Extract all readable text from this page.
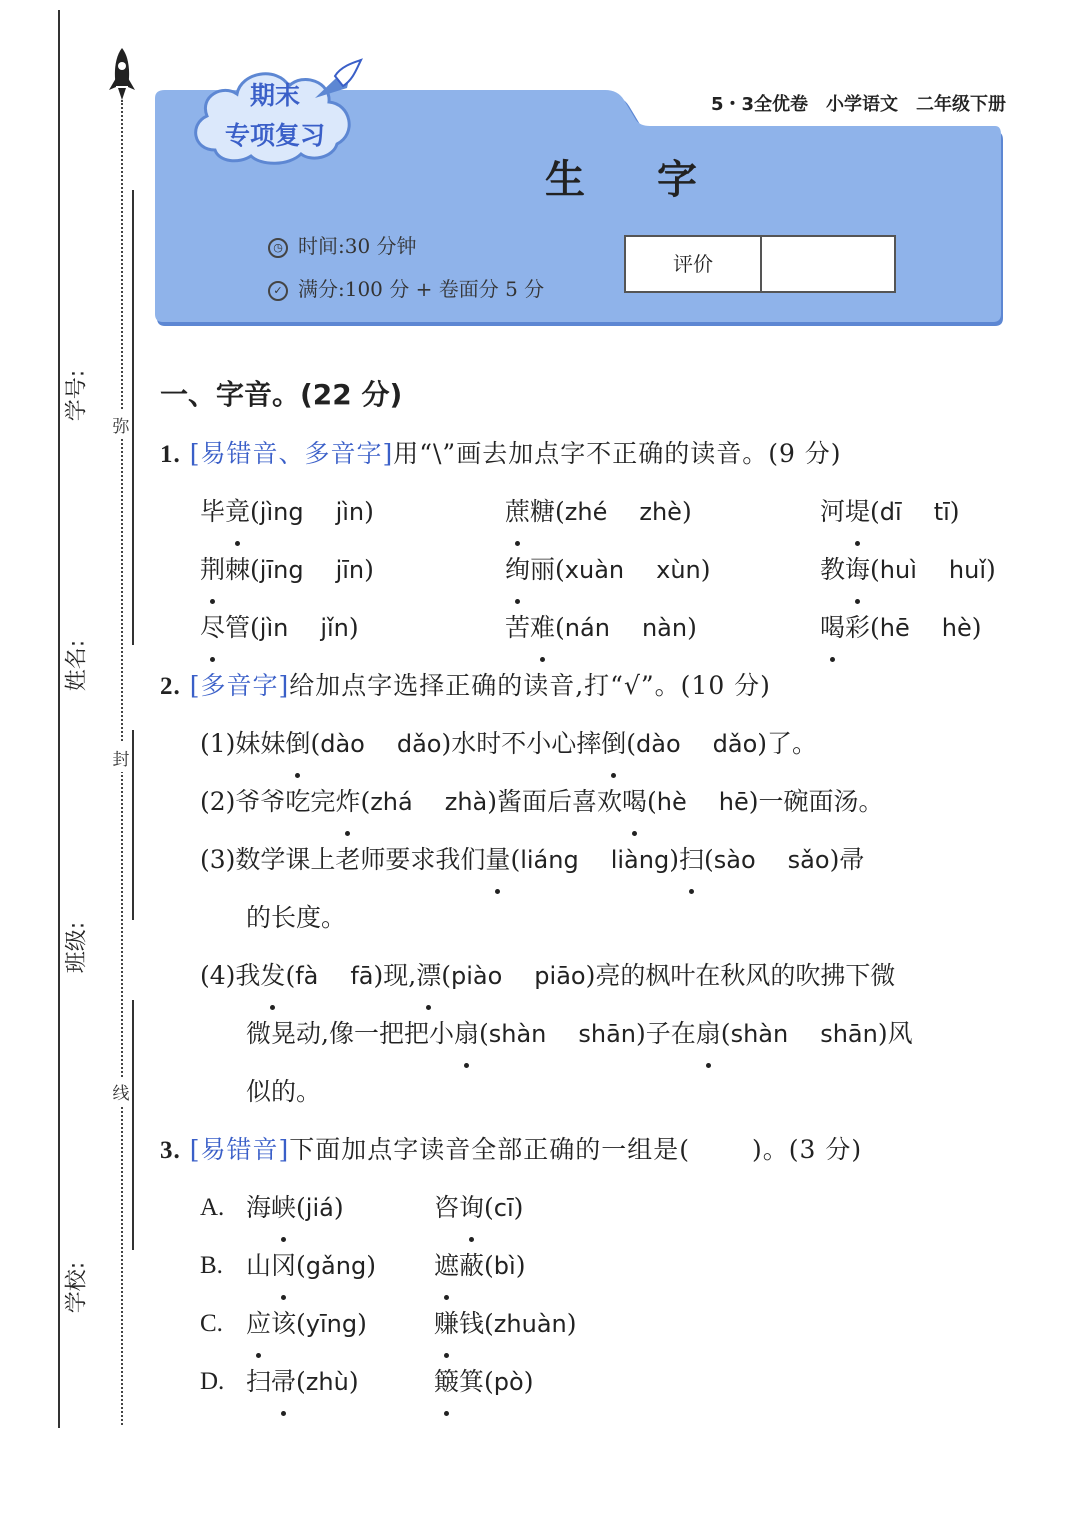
弥
封
线
学号:
姓名:
班级:
学校:
期末
专项复习
5・3全优卷 小学语文 二年级下册
生字
◷ 时间:30 分钟
✓ 满分:100 分 + 卷面分 5 分
评价
一、字音。(22 分)
1. [易错音、多音字]用“\”画去加点字不正确的读音。(9 分)
毕竟(jìng jìn)	蔗糖(zhé zhè)	河堤(dī tī)
荆棘(jīng jīn)	绚丽(xuàn xùn)	教诲(huì huǐ)
尽管(jìn jǐn)	苦难(nán nàn)	喝彩(hē hè)
2. [多音字]给加点字选择正确的读音,打“√”。(10 分)
(1)妹妹倒(dào dǎo)水时不小心摔倒(dào dǎo)了。
(2)爷爷吃完炸(zhá zhà)酱面后喜欢喝(hè hē)一碗面汤。
(3)数学课上老师要求我们量(liáng liàng)扫(sào sǎo)帚
的长度。
(4)我发(fà fā)现,漂(piào piāo)亮的枫叶在秋风的吹拂下微
微晃动,像一把把小扇(shàn shān)子在扇(shàn shān)风
似的。
3. [易错音]下面加点字读音全部正确的一组是( )。(3 分)
A. 海峡(jiá)	咨询(cī)
B. 山冈(gǎng)	遮蔽(bì)
C. 应该(yīng)	赚钱(zhuàn)
D. 扫帚(zhù)	簸箕(pò)
